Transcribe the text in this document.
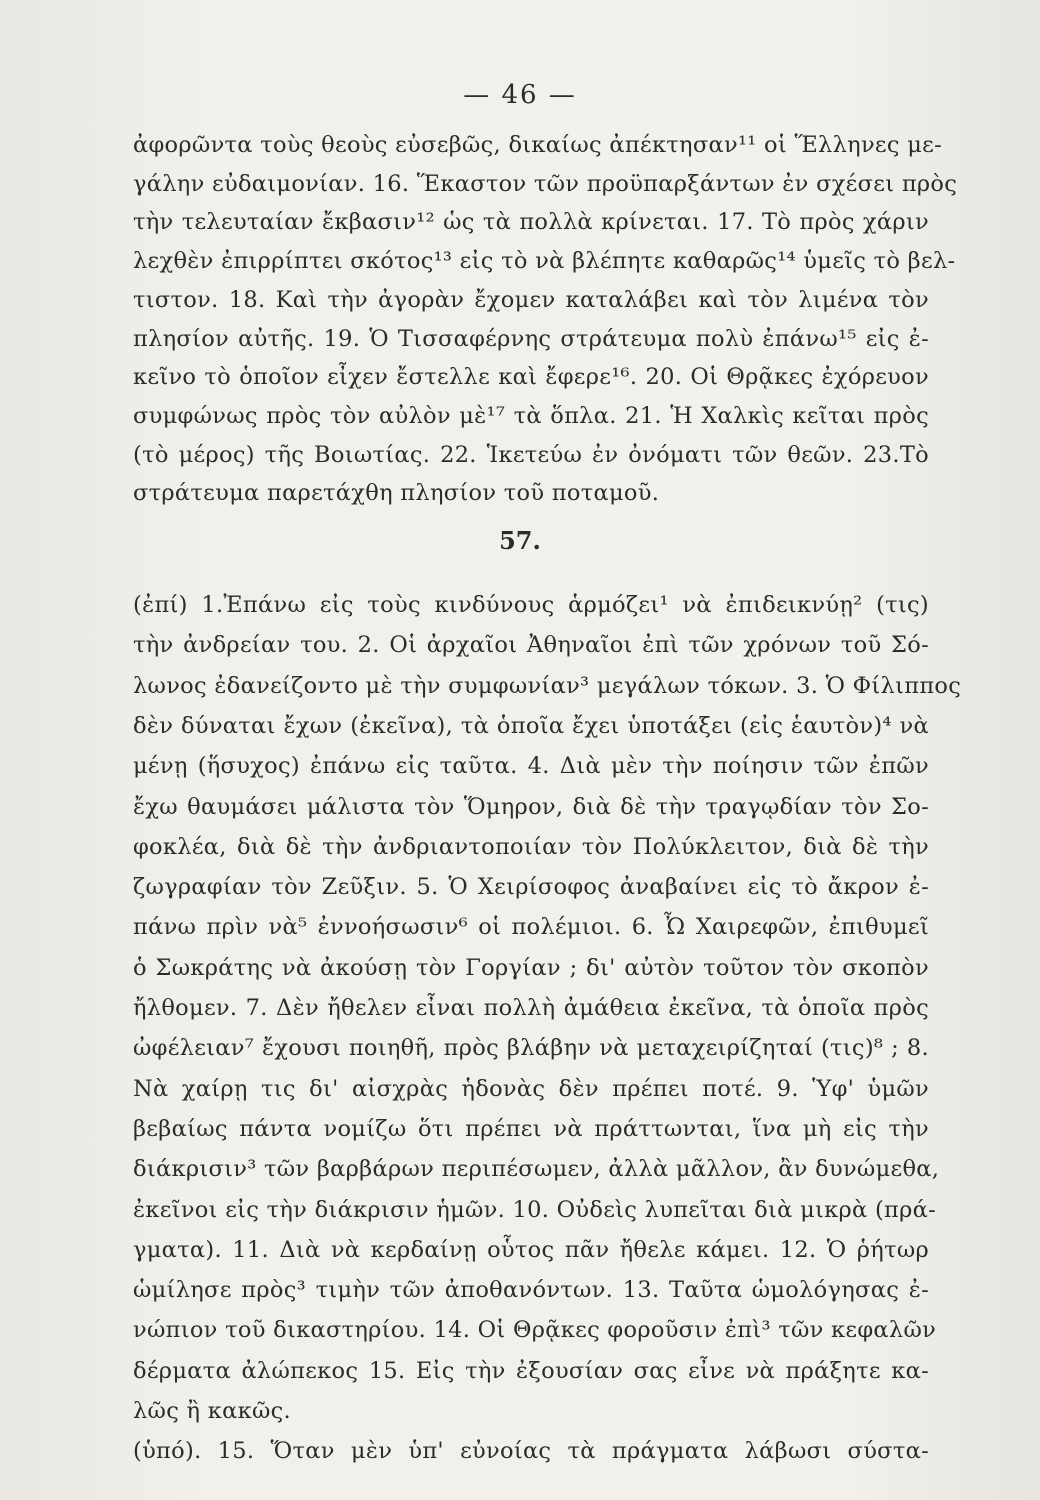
— 46 —
ἀφορῶντα τοὺς θεοὺς εὐσεβῶς, δικαίως ἀπέκτησαν¹¹ οἱ Ἕλληνες με-
γάλην εὐδαιμονίαν. 16. Ἕκαστον τῶν προϋπαρξάντων ἐν σχέσει πρὸς
τὴν τελευταίαν ἔκβασιν¹² ὡς τὰ πολλὰ κρίνεται. 17. Τὸ πρὸς χάριν
λεχθὲν ἐπιρρίπτει σκότος¹³ εἰς τὸ νὰ βλέπητε καθαρῶς¹⁴ ὑμεῖς τὸ βελ-
τιστον. 18. Καὶ τὴν ἀγορὰν ἔχομεν καταλάβει καὶ τὸν λιμένα τὸν
πλησίον αὐτῆς. 19. Ὁ Τισσαφέρνης στράτευμα πολὺ ἐπάνω¹⁵ εἰς ἐ-
κεῖνο τὸ ὁποῖον εἶχεν ἔστελλε καὶ ἔφερε¹⁶. 20. Οἱ Θρᾷκες ἐχόρευον
συμφώνως πρὸς τὸν αὐλὸν μὲ¹⁷ τὰ ὅπλα. 21. Ἡ Χαλκὶς κεῖται πρὸς
(τὸ μέρος) τῆς Βοιωτίας. 22. Ἱκετεύω ἐν ὀνόματι τῶν θεῶν. 23.Τὸ
στράτευμα παρετάχθη πλησίον τοῦ ποταμοῦ.
57.
(ἐπί) 1.Ἐπάνω εἰς τοὺς κινδύνους ἁρμόζει¹ νὰ ἐπιδεικνύῃ² (τις)
τὴν ἀνδρείαν του. 2. Οἱ ἀρχαῖοι Ἀθηναῖοι ἐπὶ τῶν χρόνων τοῦ Σό-
λωνος ἐδανείζοντο μὲ τὴν συμφωνίαν³ μεγάλων τόκων. 3. Ὁ Φίλιππος
δὲν δύναται ἔχων (ἐκεῖνα), τὰ ὁποῖα ἔχει ὑποτάξει (εἰς ἑαυτὸν)⁴ νὰ
μένῃ (ἥσυχος) ἐπάνω εἰς ταῦτα. 4. Διὰ μὲν τὴν ποίησιν τῶν ἐπῶν
ἔχω θαυμάσει μάλιστα τὸν Ὅμηρον, διὰ δὲ τὴν τραγῳδίαν τὸν Σο-
φοκλέα, διὰ δὲ τὴν ἀνδριαντοποιίαν τὸν Πολύκλειτον, διὰ δὲ τὴν
ζωγραφίαν τὸν Ζεῦξιν. 5. Ὁ Χειρίσοφος ἀναβαίνει εἰς τὸ ἄκρον ἐ-
πάνω πρὶν νὰ⁵ ἐννοήσωσιν⁶ οἱ πολέμιοι. 6. Ὦ Χαιρεφῶν, ἐπιθυμεῖ
ὁ Σωκράτης νὰ ἀκούσῃ τὸν Γοργίαν ; δι' αὐτὸν τοῦτον τὸν σκοπὸν
ἤλθομεν. 7. Δὲν ἤθελεν εἶναι πολλὴ ἀμάθεια ἐκεῖνα, τὰ ὁποῖα πρὸς
ὠφέλειαν⁷ ἔχουσι ποιηθῆ, πρὸς βλάβην νὰ μεταχειρίζηταί (τις)⁸ ; 8.
Νὰ χαίρῃ τις δι' αἰσχρὰς ἡδονὰς δὲν πρέπει ποτέ. 9. Ὑφ' ὑμῶν
βεβαίως πάντα νομίζω ὅτι πρέπει νὰ πράττωνται, ἵνα μὴ εἰς τὴν
διάκρισιν³ τῶν βαρβάρων περιπέσωμεν, ἀλλὰ μᾶλλον, ἂν δυνώμεθα,
ἐκεῖνοι εἰς τὴν διάκρισιν ἡμῶν. 10. Οὐδεὶς λυπεῖται διὰ μικρὰ (πρά-
γματα). 11. Διὰ νὰ κερδαίνῃ οὗτος πᾶν ἤθελε κάμει. 12. Ὁ ῥήτωρ
ὡμίλησε πρὸς³ τιμὴν τῶν ἀποθανόντων. 13. Ταῦτα ὡμολόγησας ἐ-
νώπιον τοῦ δικαστηρίου. 14. Οἱ Θρᾷκες φοροῦσιν ἐπὶ³ τῶν κεφαλῶν
δέρματα ἀλώπεκος 15. Εἰς τὴν ἐξουσίαν σας εἶνε νὰ πράξητε κα-
λῶς ἢ κακῶς.
(ὑπό). 15. Ὅταν μὲν ὑπ' εὐνοίας τὰ πράγματα λάβωσι σύστα-
